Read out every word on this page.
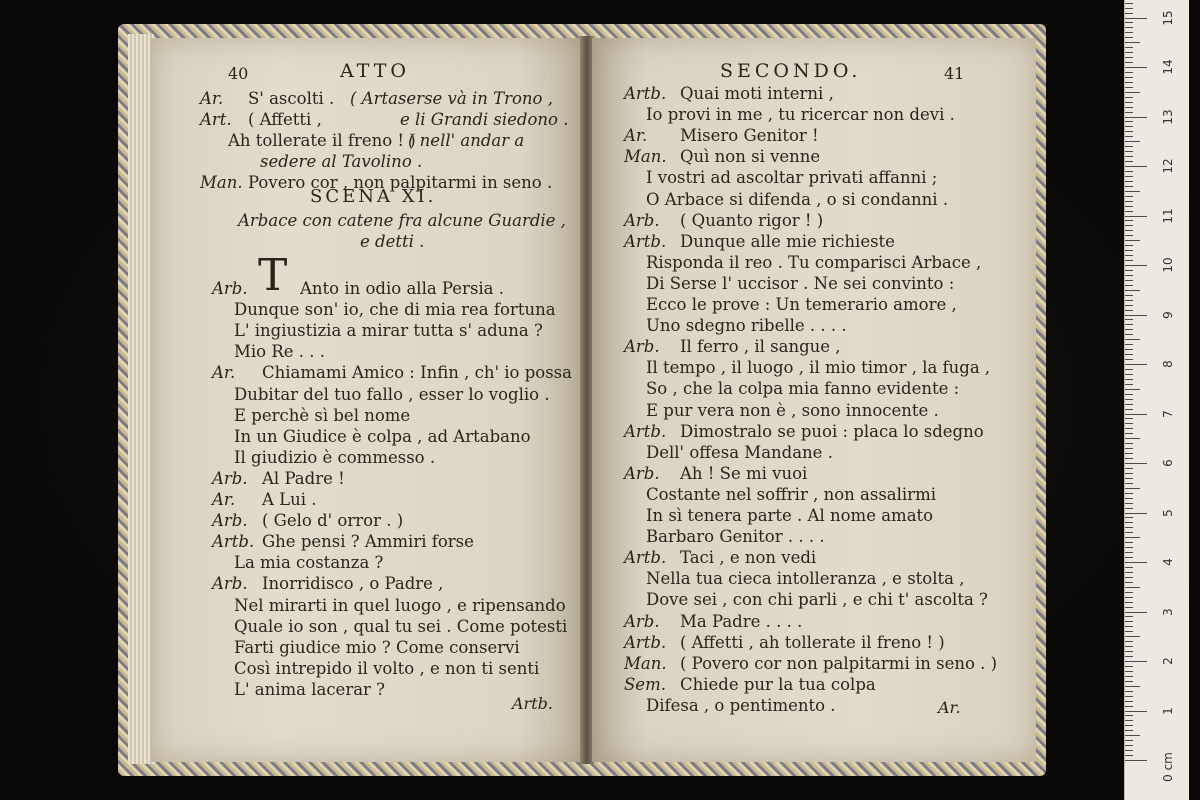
40	ATTO
Ar. S' ascolti . ( Artaserse và in Trono ,
Art. ( Affetti ,	e li Grandi siedono .
Ah tollerate il freno ! )
( nell' andar a
sedere al Tavolino .
Man. Povero cor , non palpitarmi in seno .
SCENA XI.
Arbace con catene fra alcune Guardie ,
e detti .
T
Arb.	Anto in odio alla Persia .
Dunque son' io, che di mia rea fortuna
L' ingiustizia a mirar tutta s' aduna ?
Mio Re . . .
Ar. Chiamami Amico : Infin , ch' io possa
Dubitar del tuo fallo , esser lo voglio .
E perchè sì bel nome
In un Giudice è colpa , ad Artabano
Il giudizio è commesso .
Arb. Al Padre !
Ar. A Lui .
Arb. ( Gelo d' orror . )
Artb. Ghe pensi ? Ammiri forse
La mia costanza ?
Arb. Inorridisco , o Padre ,
Nel mirarti in quel luogo , e ripensando
Quale io son , qual tu sei . Come potesti
Farti giudice mio ? Come conservi
Così intrepido il volto , e non ti senti
L' anima lacerar ?
Artb.
SECONDO.	41
Artb. Quai moti interni ,
Io provi in me , tu ricercar non devi .
Ar. Misero Genitor !
Man. Quì non si venne
I vostri ad ascoltar privati affanni ;
O Arbace si difenda , o si condanni .
Arb. ( Quanto rigor ! )
Artb. Dunque alle mie richieste
Risponda il reo . Tu comparisci Arbace ,
Di Serse l' uccisor . Ne sei convinto :
Ecco le prove : Un temerario amore ,
Uno sdegno ribelle . . . .
Arb. Il ferro , il sangue ,
Il tempo , il luogo , il mio timor , la fuga ,
So , che la colpa mia fanno evidente :
E pur vera non è , sono innocente .
Artb. Dimostralo se puoi : placa lo sdegno
Dell' offesa Mandane .
Arb. Ah ! Se mi vuoi
Costante nel soffrir , non assalirmi
In sì tenera parte . Al nome amato
Barbaro Genitor . . . .
Artb. Taci , e non vedi
Nella tua cieca intolleranza , e stolta ,
Dove sei , con chi parli , e chi t' ascolta ?
Arb. Ma Padre . . . .
Artb. ( Affetti , ah tollerate il freno ! )
Man. ( Povero cor non palpitarmi in seno . )
Sem. Chiede pur la tua colpa
Difesa , o pentimento .	Ar.
0 cm
1
2
3
4
5
6
7
8
9
10
11
12
13
14
15
